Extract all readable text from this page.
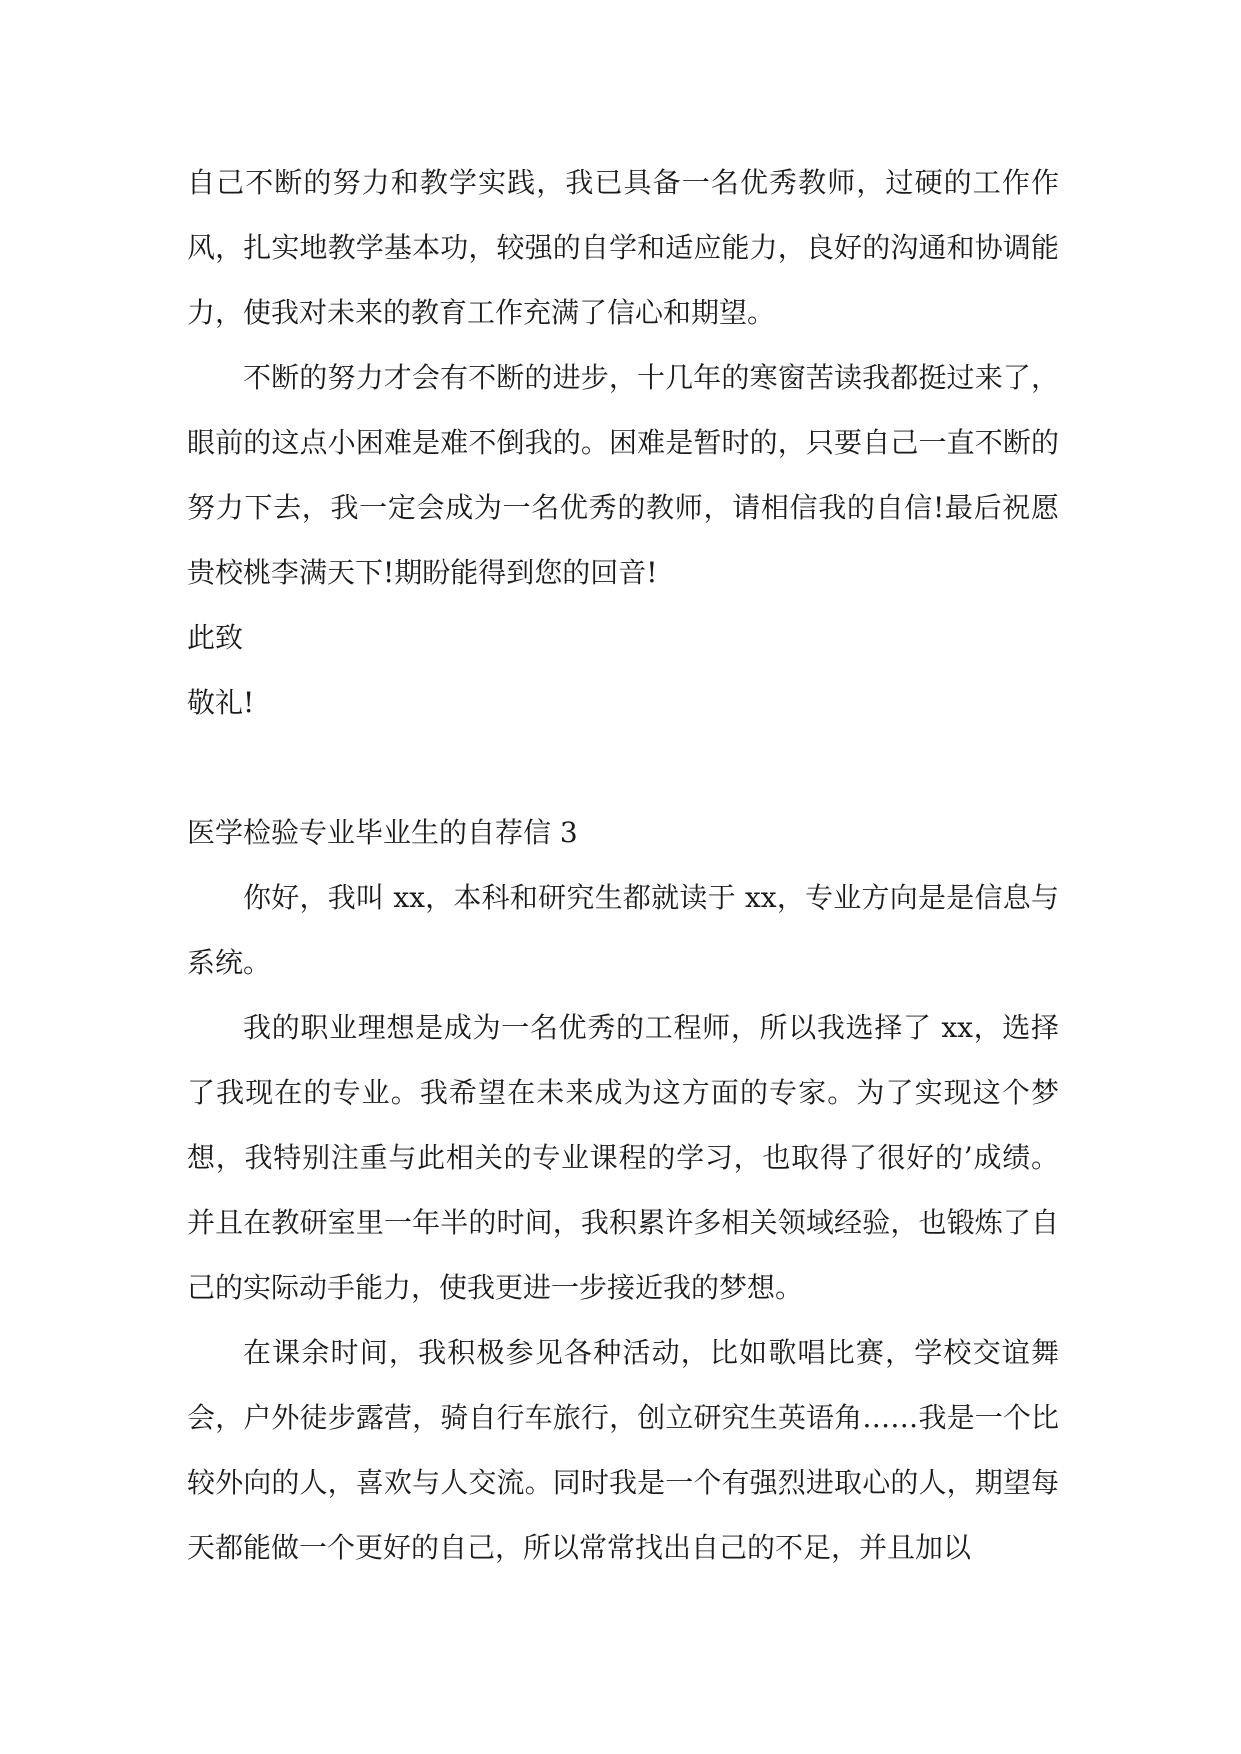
自己不断的努力和教学实践，我已具备一名优秀教师，过硬的工作作风，扎实地教学基本功，较强的自学和适应能力，良好的沟通和协调能力，使我对未来的教育工作充满了信心和期望。

不断的努力才会有不断的进步，十几年的寒窗苦读我都挺过来了，眼前的这点小困难是难不倒我的。困难是暂时的，只要自己一直不断的努力下去，我一定会成为一名优秀的教师，请相信我的自信!最后祝愿贵校桃李满天下!期盼能得到您的回音!

此致

敬礼!

医学检验专业毕业生的自荐信 3

你好，我叫 xx，本科和研究生都就读于 xx，专业方向是是信息与系统。

我的职业理想是成为一名优秀的工程师，所以我选择了 xx，选择了我现在的专业。我希望在未来成为这方面的专家。为了实现这个梦想，我特别注重与此相关的专业课程的学习，也取得了很好的’成绩。并且在教研室里一年半的时间，我积累许多相关领域经验，也锻炼了自己的实际动手能力，使我更进一步接近我的梦想。

在课余时间，我积极参见各种活动，比如歌唱比赛，学校交谊舞会，户外徒步露营，骑自行车旅行，创立研究生英语角……我是一个比较外向的人，喜欢与人交流。同时我是一个有强烈进取心的人，期望每天都能做一个更好的自己，所以常常找出自己的不足，并且加以
